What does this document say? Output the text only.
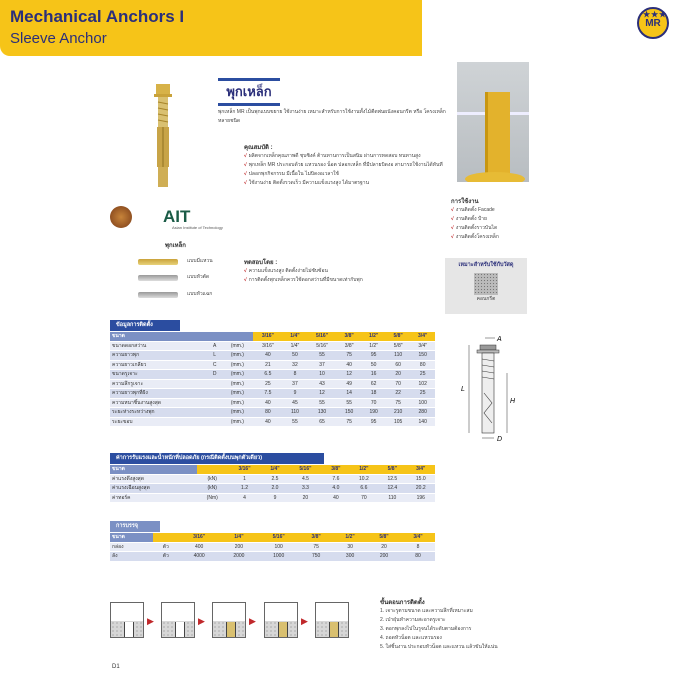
Mechanical Anchors I
Sleeve Anchor
★ ★ ★
MR
พุกเหล็ก
พุกเหล็ก MR เป็นพุกแบบขยาย ใช้งานง่าย เหมาะสำหรับการใช้งานทั้งไม้ตีดพ่นผนังคอนกรีต หรือ โครงเหล็กหลายชนิด
คุณสมบัติ :
√ ผลิตจากเหล็กคุณภาพดี ชุบซิงค์ ต้านทานการเป็นสนิม ผ่านการทดสอบ ทนทานสูง
√ พุกเหล็ก MR ประกอบด้วย แหวนรอง น็อต ปลอกเหล็ก ที่มีปลายบิดงอ สามารถใช้งานได้ทันที
√ ปลอกพุกกิจกรรม มีเนื้อใน ไม่บิดงอเวลาใช้
√ ใช้งานง่าย ติดตั้งรวดเร็ว มีความแข็งแรงสูง ได้มาตรฐาน
ทดสอบโดย :
√ ความแข็งแรงสูง ติดตั้งง่ายไม่ซับซ้อน
√ การติดตั้งพุกเหล็กควรใช้ดอกสว่านที่มีขนาดเท่ากับพุก
การใช้งาน
√ งานติดตั้ง Facade
√ งานติดตั้ง ป้าย
√ งานติดตั้งราวบันได
√ งานติดตั้งโครงเหล็ก
เหมาะสำหรับใช้กับวัสดุ
คอนกรีต
AIT
Asian Institute of Technology
พุกเหล็ก
แบบมีแหวน
แบบหัวตัด
แบบหัวแฉก
ข้อมูลการติดตั้ง
ขนาด			3/16"	1/4"	5/16"	3/8"	1/2"	5/8"	3/4"
ขนาดดอกสว่าน	A	(mm.)	3/16"	1/4"	5/16"	3/8"	1/2"	5/8"	3/4"
ความยาวพุก	L	(mm.)	40	50	55	75	95	110	150
ความยาวเกลียว	C	(mm.)	21	32	37	40	50	60	80
ขนาดรูเจาะ	D	(mm.)	6.5	8	10	12	16	20	25
ความลึกรูเจาะ		(mm.)	25	37	43	49	62	70	102
ความยาวพุกที่ฝัง		(mm.)	7.5	9	12	14	18	22	25
ความหนาชิ้นงานสูงสุด		(mm.)	40	45	55	55	70	75	100
ระยะห่างระหว่างพุก		(mm.)	80	110	130	150	190	210	280
ระยะขอบ		(mm.)	40	55	65	75	95	105	140
A
L
H
D
ค่าการรับแรงและน้ำหนักที่ปลอดภัย (กรณีติดตั้งบนพุกตัวเดียว)
ขนาด		3/16"	1/4"	5/16"	3/8"	1/2"	5/8"	3/4"
ค่าแรงดึงสูงสุด	(kN)	1	2.5	4.5	7.6	10.2	12.5	15.0
ค่าแรงเฉือนสูงสุด	(kN)	1.2	2.0	3.3	4.0	6.6	12.4	20.2
ค่าทอร์ค	(Nm)	4	9	20	40	70	110	196
การบรรจุ
ขนาด		3/16"	1/4"	5/16"	3/8"	1/2"	5/8"	3/4"
กล่อง	ตัว	400	200	100	75	30	20	8
ลัง	ตัว	4000	2000	1000	750	300	200	80
▶	▶	▶	▶
ขั้นตอนการติดตั้ง
1. เจาะรูตามขนาด และความลึกที่เหมาะสม
2. เป่าฝุ่นทำความสะอาดรูเจาะ
3. ตอกพุกลงไปในรูจนได้ระดับตามต้องการ
4. ถอดหัวน็อต และแหวนรอง
5. ใส่ชิ้นงาน ประกอบหัวน็อต และแหวน แล้วขันให้แน่น
D1
